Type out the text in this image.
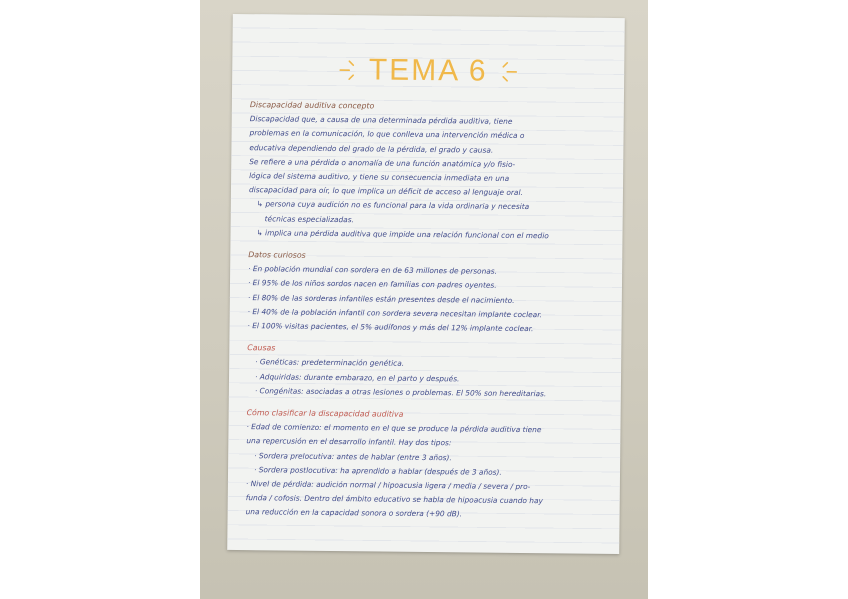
TEMA 6
Discapacidad auditiva concepto
Discapacidad que, a causa de una determinada pérdida auditiva, tiene
problemas en la comunicación, lo que conlleva una intervención médica o
educativa dependiendo del grado de la pérdida, el grado y causa.
Se refiere a una pérdida o anomalía de una función anatómica y/o fisio-
lógica del sistema auditivo, y tiene su consecuencia inmediata en una
discapacidad para oír, lo que implica un déficit de acceso al lenguaje oral.
↳ persona cuya audición no es funcional para la vida ordinaria y necesita
técnicas especializadas.
↳ implica una pérdida auditiva que impide una relación funcional con el medio
Datos curiosos
· En población mundial con sordera en de 63 millones de personas.
· El 95% de los niños sordos nacen en familias con padres oyentes.
· El 80% de las sorderas infantiles están presentes desde el nacimiento.
· El 40% de la población infantil con sordera severa necesitan implante coclear.
· El 100% visitas pacientes, el 5% audífonos y más del 12% implante coclear.
Causas
· Genéticas: predeterminación genética.
· Adquiridas: durante embarazo, en el parto y después.
· Congénitas: asociadas a otras lesiones o problemas. El 50% son hereditarias.
Cómo clasificar la discapacidad auditiva
· Edad de comienzo: el momento en el que se produce la pérdida auditiva tiene
una repercusión en el desarrollo infantil. Hay dos tipos:
· Sordera prelocutiva: antes de hablar (entre 3 años).
· Sordera postlocutiva: ha aprendido a hablar (después de 3 años).
· Nivel de pérdida: audición normal / hipoacusia ligera / media / severa / pro-
funda / cofosis. Dentro del ámbito educativo se habla de hipoacusia cuando hay
una reducción en la capacidad sonora o sordera (+90 dB).
